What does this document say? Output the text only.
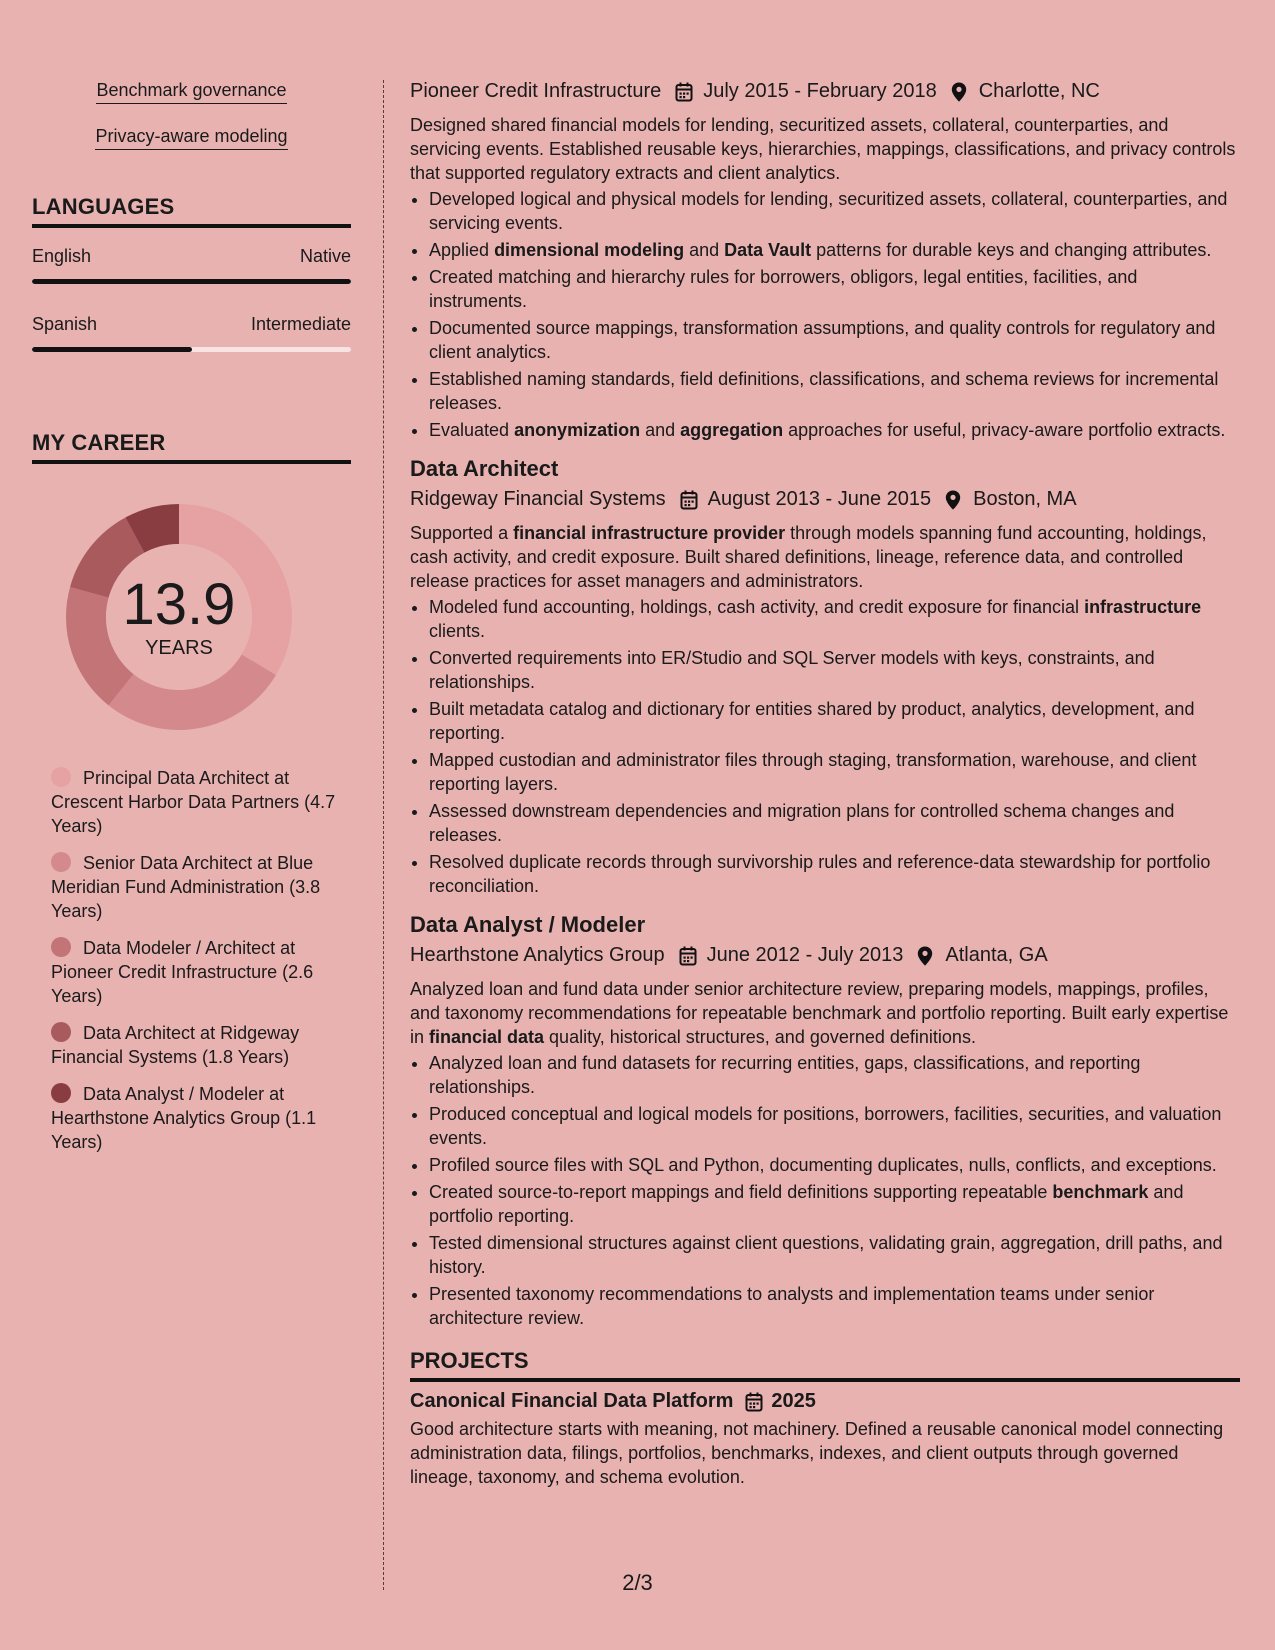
Benchmark governance
Privacy-aware modeling
LANGUAGES
English	Native
Spanish	Intermediate
MY CAREER
13.9
YEARS
Principal Data Architect at Crescent Harbor Data Partners (4.7 Years)
Senior Data Architect at Blue Meridian Fund Administration (3.8 Years)
Data Modeler / Architect at Pioneer Credit Infrastructure (2.6 Years)
Data Architect at Ridgeway Financial Systems (1.8 Years)
Data Analyst / Modeler at Hearthstone Analytics Group (1.1 Years)
Pioneer Credit Infrastructure July 2015 - February 2018 Charlotte, NC

Designed shared financial models for lending, securitized assets, collateral, counterparties, and servicing events. Established reusable keys, hierarchies, mappings, classifications, and privacy controls that supported regulatory extracts and client analytics.

• Developed logical and physical models for lending, securitized assets, collateral, counterparties, and servicing events.
• Applied dimensional modeling and Data Vault patterns for durable keys and changing attributes.
• Created matching and hierarchy rules for borrowers, obligors, legal entities, facilities, and instruments.
• Documented source mappings, transformation assumptions, and quality controls for regulatory and client analytics.
• Established naming standards, field definitions, classifications, and schema reviews for incremental releases.
• Evaluated anonymization and aggregation approaches for useful, privacy-aware portfolio extracts.
Data Architect
Ridgeway Financial Systems August 2013 - June 2015 Boston, MA

Supported a financial infrastructure provider through models spanning fund accounting, holdings, cash activity, and credit exposure. Built shared definitions, lineage, reference data, and controlled release practices for asset managers and administrators.

• Modeled fund accounting, holdings, cash activity, and credit exposure for financial infrastructure clients.
• Converted requirements into ER/Studio and SQL Server models with keys, constraints, and relationships.
• Built metadata catalog and dictionary for entities shared by product, analytics, development, and reporting.
• Mapped custodian and administrator files through staging, transformation, warehouse, and client reporting layers.
• Assessed downstream dependencies and migration plans for controlled schema changes and releases.
• Resolved duplicate records through survivorship rules and reference-data stewardship for portfolio reconciliation.
Data Analyst / Modeler
Hearthstone Analytics Group June 2012 - July 2013 Atlanta, GA

Analyzed loan and fund data under senior architecture review, preparing models, mappings, profiles, and taxonomy recommendations for repeatable benchmark and portfolio reporting. Built early expertise in financial data quality, historical structures, and governed definitions.

• Analyzed loan and fund datasets for recurring entities, gaps, classifications, and reporting relationships.
• Produced conceptual and logical models for positions, borrowers, facilities, securities, and valuation events.
• Profiled source files with SQL and Python, documenting duplicates, nulls, conflicts, and exceptions.
• Created source-to-report mappings and field definitions supporting repeatable benchmark and portfolio reporting.
• Tested dimensional structures against client questions, validating grain, aggregation, drill paths, and history.
• Presented taxonomy recommendations to analysts and implementation teams under senior architecture review.
PROJECTS
Canonical Financial Data Platform 2025

Good architecture starts with meaning, not machinery. Defined a reusable canonical model connecting administration data, filings, portfolios, benchmarks, indexes, and client outputs through governed lineage, taxonomy, and schema evolution.

2/3
